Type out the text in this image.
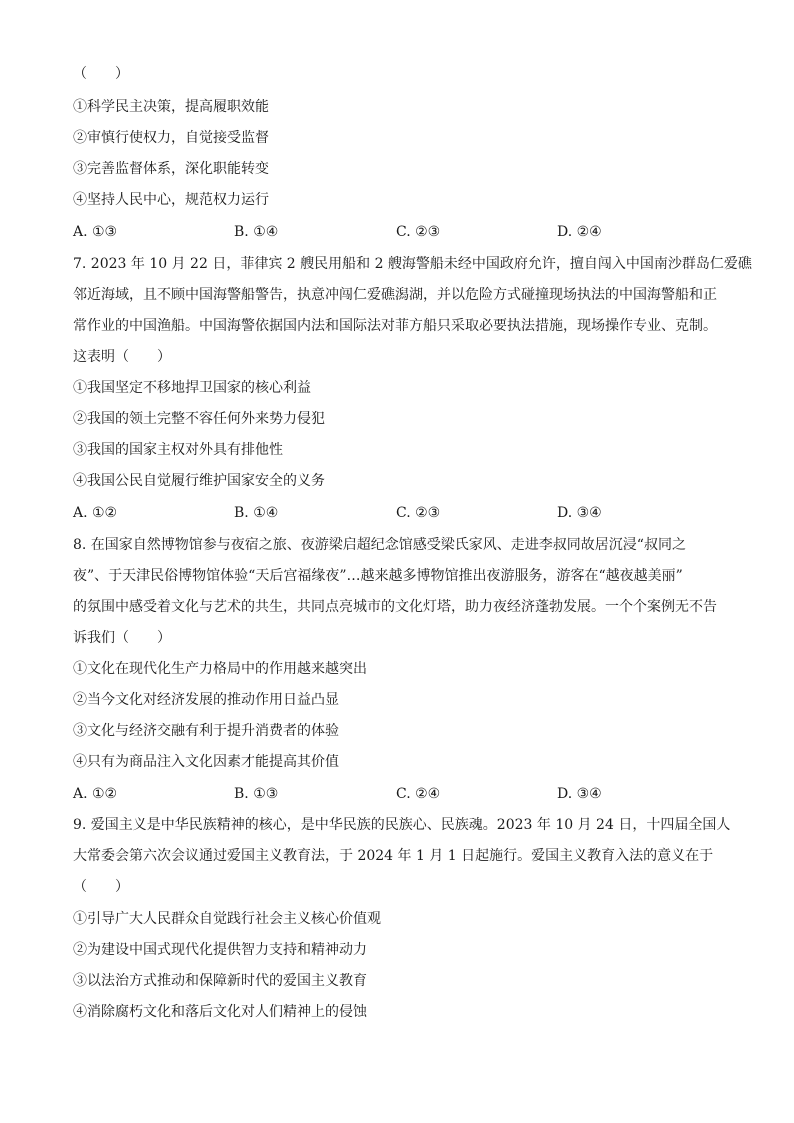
（　　）
①科学民主决策，提高履职效能
②审慎行使权力，自觉接受监督
③完善监督体系，深化职能转变
④坚持人民中心，规范权力运行
A. ①③	B. ①④	C. ②③	D. ②④
7. 2023 年 10 月 22 日，菲律宾 2 艘民用船和 2 艘海警船未经中国政府允许，擅自闯入中国南沙群岛仁爱礁
邻近海域，且不顾中国海警船警告，执意冲闯仁爱礁潟湖，并以危险方式碰撞现场执法的中国海警船和正
常作业的中国渔船。中国海警依据国内法和国际法对菲方船只采取必要执法措施，现场操作专业、克制。
这表明（　　）
①我国坚定不移地捍卫国家的核心利益
②我国的领土完整不容任何外来势力侵犯
③我国的国家主权对外具有排他性
④我国公民自觉履行维护国家安全的义务
A. ①②	B. ①④	C. ②③	D. ③④
8. 在国家自然博物馆参与夜宿之旅、夜游梁启超纪念馆感受梁氏家风、走进李叔同故居沉浸“叔同之
夜”、于天津民俗博物馆体验“天后宫福缘夜”…越来越多博物馆推出夜游服务，游客在“越夜越美丽”
的氛围中感受着文化与艺术的共生，共同点亮城市的文化灯塔，助力夜经济蓬勃发展。一个个案例无不告
诉我们（　　）
①文化在现代化生产力格局中的作用越来越突出
②当今文化对经济发展的推动作用日益凸显
③文化与经济交融有利于提升消费者的体验
④只有为商品注入文化因素才能提高其价值
A. ①②	B. ①③	C. ②④	D. ③④
9. 爱国主义是中华民族精神的核心，是中华民族的民族心、民族魂。2023 年 10 月 24 日，十四届全国人
大常委会第六次会议通过爱国主义教育法，于 2024 年 1 月 1 日起施行。爱国主义教育入法的意义在于
（　　）
①引导广大人民群众自觉践行社会主义核心价值观
②为建设中国式现代化提供智力支持和精神动力
③以法治方式推动和保障新时代的爱国主义教育
④消除腐朽文化和落后文化对人们精神上的侵蚀
